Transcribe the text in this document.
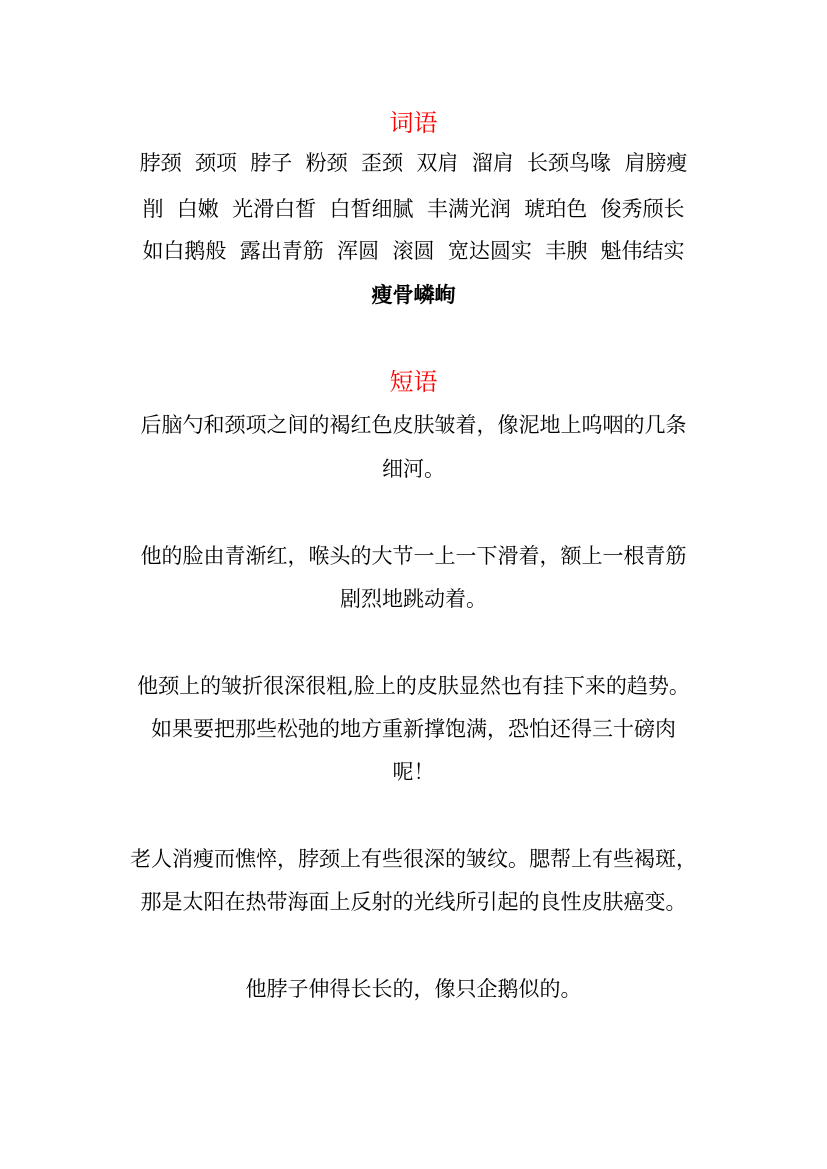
词语
脖颈  颈项  脖子  粉颈  歪颈  双肩  溜肩  长颈鸟喙  肩膀瘦
削  白嫩  光滑白皙  白皙细腻  丰满光润  琥珀色  俊秀颀长
如白鹅般  露出青筋  浑圆  滚圆  宽达圆实  丰腴  魁伟结实
瘦骨嶙峋
短语
后脑勺和颈项之间的褐红色皮肤皱着，像泥地上呜咽的几条
细河。
他的脸由青渐红，喉头的大节一上一下滑着，额上一根青筋
剧烈地跳动着。
他颈上的皱折很深很粗,脸上的皮肤显然也有挂下来的趋势。
如果要把那些松弛的地方重新撑饱满，恐怕还得三十磅肉
呢！
老人消瘦而憔悴，脖颈上有些很深的皱纹。腮帮上有些褐斑，
那是太阳在热带海面上反射的光线所引起的良性皮肤癌变。
他脖子伸得长长的，像只企鹅似的。
